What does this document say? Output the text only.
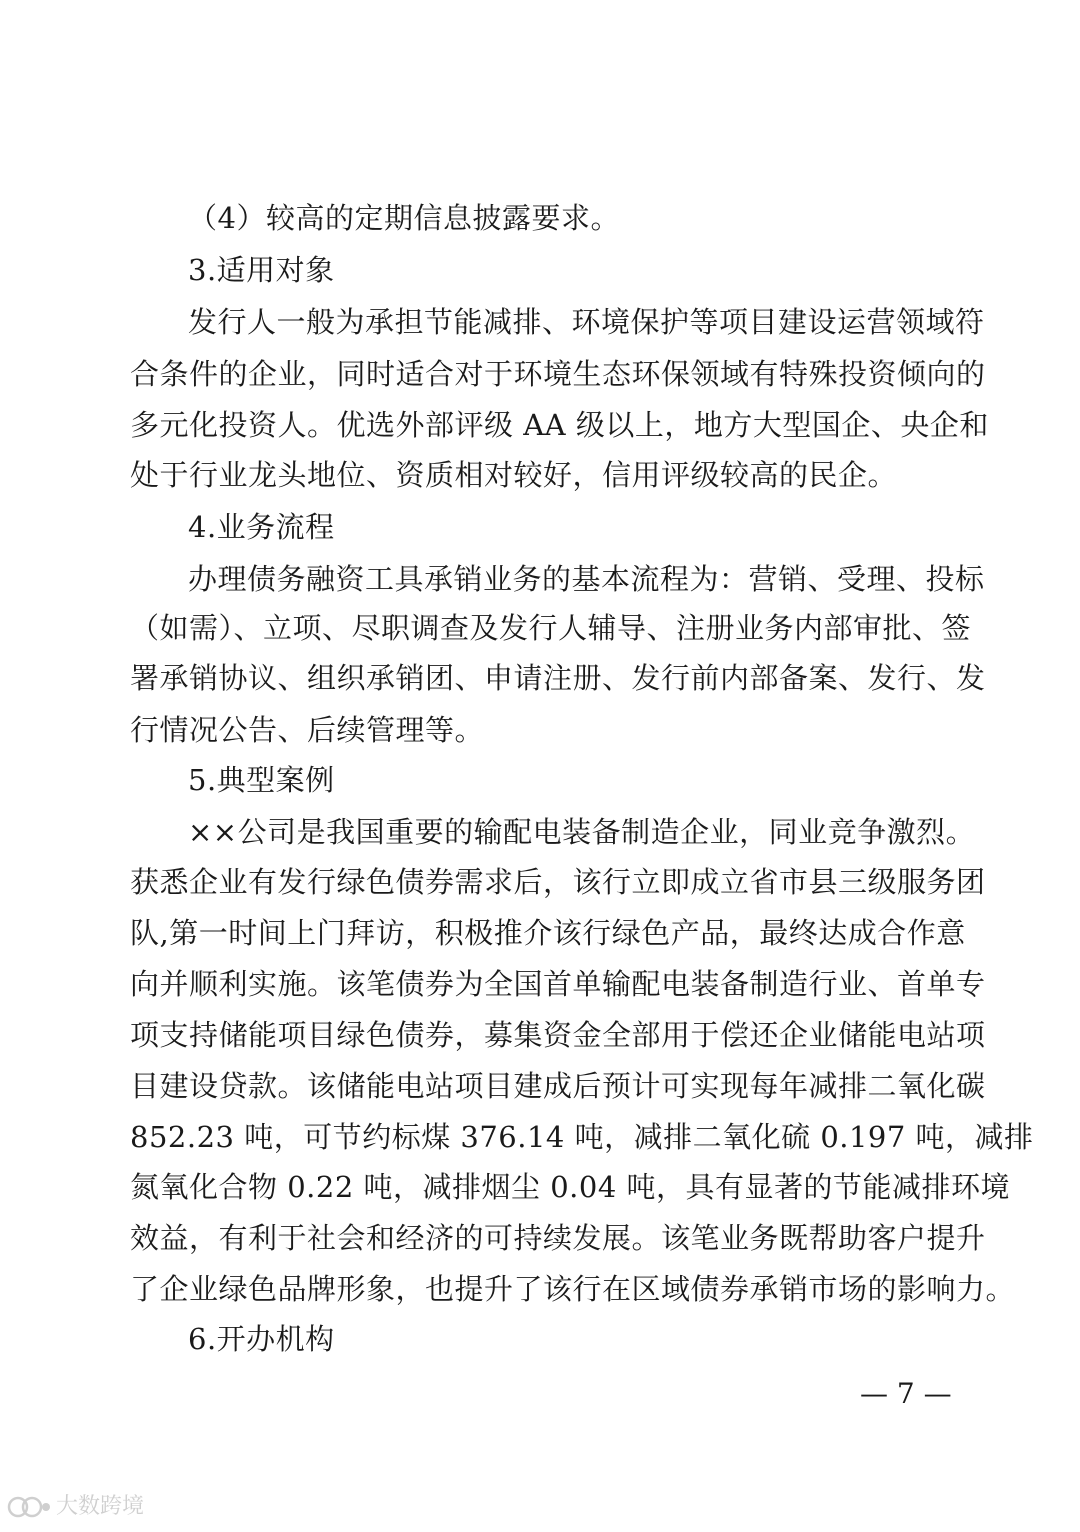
（4）较高的定期信息披露要求。
3.适用对象
发行人一般为承担节能减排、环境保护等项目建设运营领域符
合条件的企业，同时适合对于环境生态环保领域有特殊投资倾向的
多元化投资人。优选外部评级 AA 级以上，地方大型国企、央企和
处于行业龙头地位、资质相对较好，信用评级较高的民企。
4.业务流程
办理债务融资工具承销业务的基本流程为：营销、受理、投标
（如需）、立项、尽职调查及发行人辅导、注册业务内部审批、签
署承销协议、组织承销团、申请注册、发行前内部备案、发行、发
行情况公告、后续管理等。
5.典型案例
××公司是我国重要的输配电装备制造企业，同业竞争激烈。
获悉企业有发行绿色债券需求后，该行立即成立省市县三级服务团
队,第一时间上门拜访，积极推介该行绿色产品，最终达成合作意
向并顺利实施。该笔债券为全国首单输配电装备制造行业、首单专
项支持储能项目绿色债券，募集资金全部用于偿还企业储能电站项
目建设贷款。该储能电站项目建成后预计可实现每年减排二氧化碳
852.23 吨，可节约标煤 376.14 吨，减排二氧化硫 0.197 吨，减排
氮氧化合物 0.22 吨，减排烟尘 0.04 吨，具有显著的节能减排环境
效益，有利于社会和经济的可持续发展。该笔业务既帮助客户提升
了企业绿色品牌形象，也提升了该行在区域债券承销市场的影响力。
6.开办机构
— 7 —
大数跨境
